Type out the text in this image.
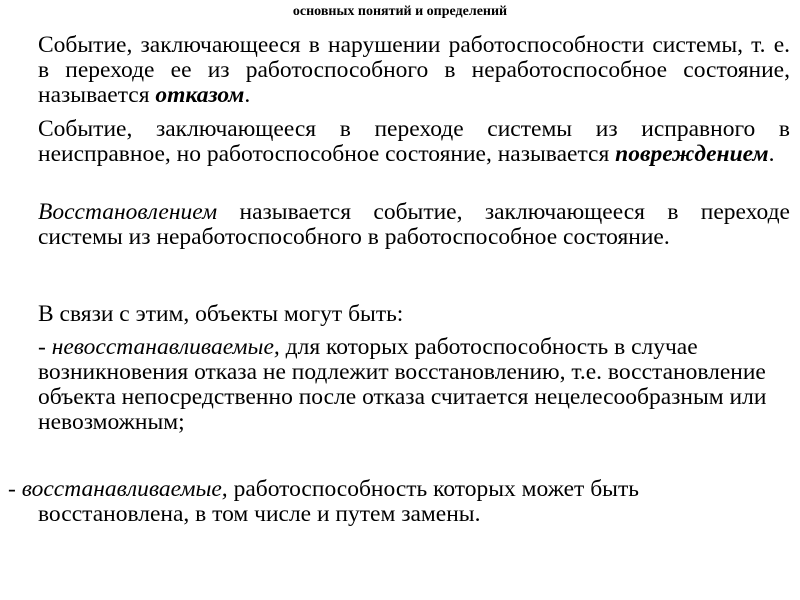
основных понятий и определений

Событие, заключающееся в нарушении работоспособности системы, т. е. в переходе ее из работоспособного в неработоспособное состояние, называется отказом.

Событие, заключающееся в переходе системы из исправного в неисправное, но работоспособное состояние, называется повреждением.

Восстановлением называется событие, заключающееся в переходе системы из неработоспособного в работоспособное состояние.

В связи с этим, объекты могут быть:

- невосстанавливаемые, для которых работоспособность в случае возникновения отказа не подлежит восстановлению, т.е. восстановление объекта непосредственно после отказа считается нецелесообразным или невозможным;

- восстанавливаемые, работоспособность которых может быть восстановлена, в том числе и путем замены.
